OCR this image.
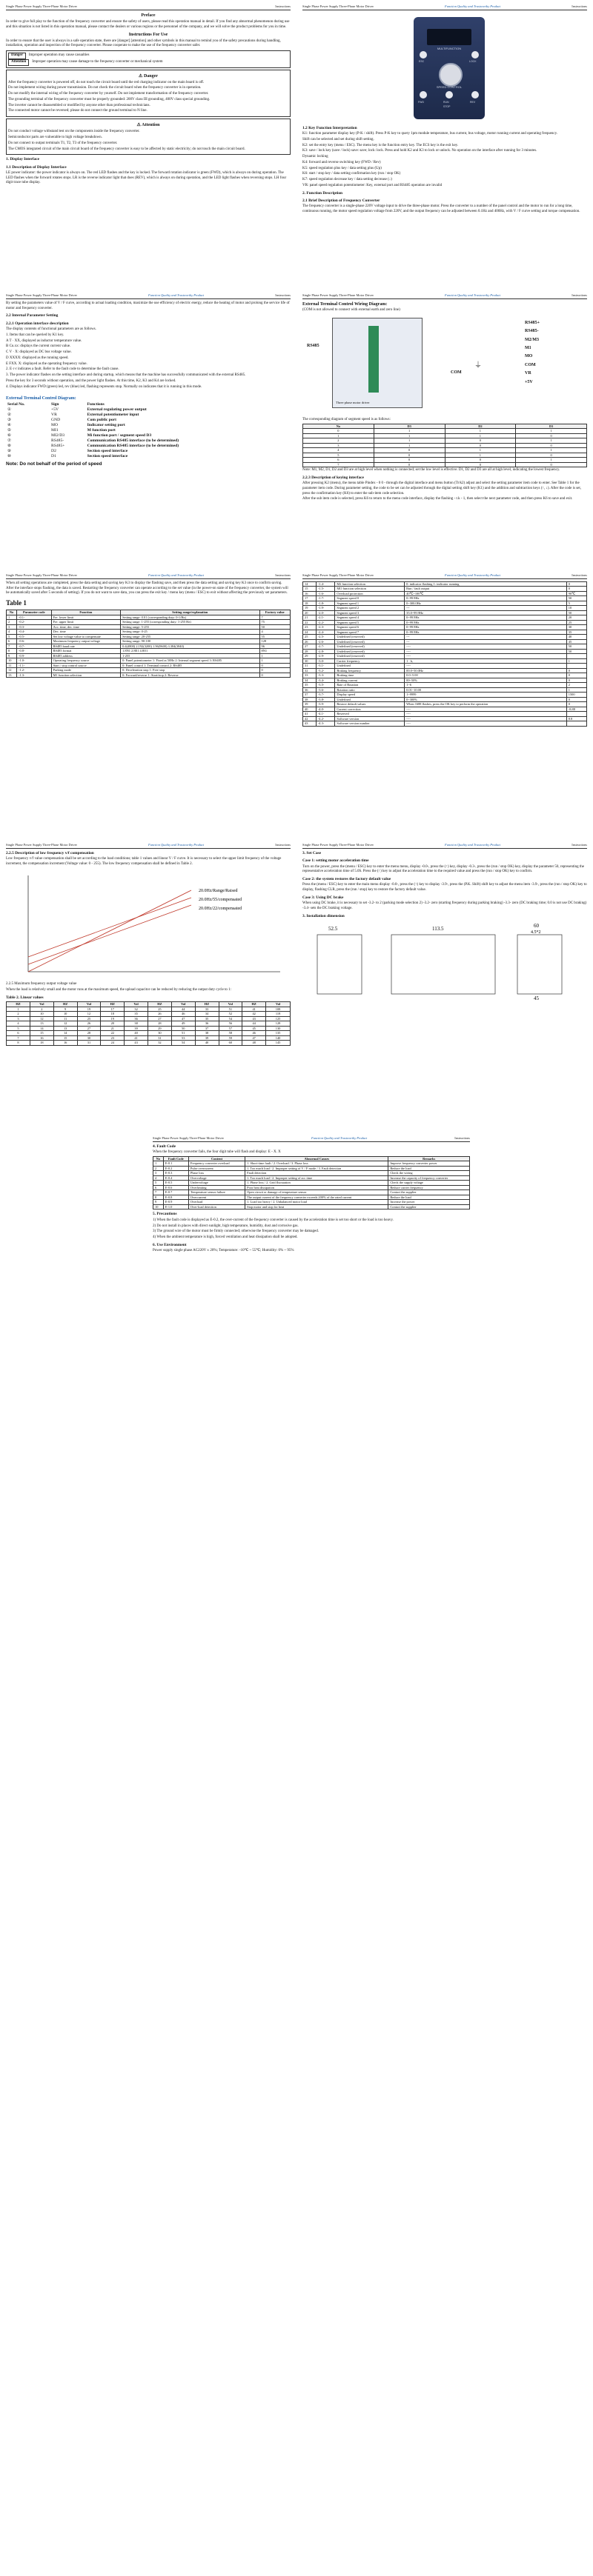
Single Phase Power Supply Three-Phase Motor Driver	Instructions
Preface

In order to give full play to the function of the frequency converter and ensure the safety of users, please read this operation manual in detail. If you find any abnormal phenomenon during use and this situation is not listed in this operation manual, please contact the dealers or various regions or the personnel of the company, and we will solve the product problems for you in time.

Instructions For Use

In order to ensure that the user is always in a safe operation state, there are [danger] [attention] and other symbols in this manual to remind you of the safety precautions during handling, installation, operation and inspection of the frequency converter. Please cooperate to make the use of the frequency converter safer.

Danger Improper operation may cause casualties
Attention Improper operation may cause damage to the frequency converter or mechanical system
⚠ Danger

After the frequency converter is powered off, do not touch the circuit board until the red charging indicator on the main board is off.

Do not implement wiring during power transmission. Do not check the circuit board when the frequency converter is in operation.

Do not modify the internal wiring of the frequency converter by yourself. Do not implement transformation of the frequency converter.

The grounding terminal of the frequency converter must be properly grounded: 200V class III grounding, 400V class special grounding.

The inverter cannot be disassembled or modified by anyone other than professional technicians.

The connected motor cannot be reversed; please do not connect the ground terminal to N line.

⚠ Attention

Do not conduct voltage withstand test on the components inside the frequency converter.

Semiconductor parts are vulnerable to high voltage breakdown.

Do not connect to output terminals T1, T2, T3 of the frequency converter.

The CMOS integrated circuit of the main circuit board of the frequency converter is easy to be affected by static electricity; do not touch the main circuit board.

1. Display Interface
1.1 Description of Display Interface

LE power indicator: the power indicator is always on. The red LED flashes and the key is locked. The forward rotation indicator is green (FWD), which is always on during operation. The LED flashes when the forward rotates stops. LR is the reverse indicator light that does (REV), which is always on during operation, and the LED light flashes when reversing stops. LH four digit trace tube display.

Single Phase Power Supply Three-Phase Motor Driver	Function Quality and Trustworthy Product	Instructions
MULTIFUNCTION
SPEED CONTROL
RUN
FWD	REV
ESC	LOCK
STOP
1.2 Key Function Interpretation

K1: function parameter display key (P-K / shift). Press P-K key to query 1pm module temperature, bus current, bus voltage, motor running current and operating frequency.

Shift can be selected and set during shift setting.

K2: set the entry key (menu / ESC). The menu key is the function entry key. The ECS key is the exit key.

K3: save / lock key (save / lock) save: save; lock: lock. Press and hold K2 and K3 to lock or unlock. No operation on the interface after running for 3 minutes.

Dynamic locking

K4: forward and reverse switching key (FWD / Rev)

K5: speed regulation plus key / data setting plus (Up)

K6: start / stop key / data setting confirmation key (run / stop OK)

K7: speed regulation decrease key / data setting decrease (↓)

VR: panel speed regulation potentiometer: Key, external port and RS485 operation are invalid

2. Function Description
2.1 Brief Description of Frequency Converter

The frequency converter is a single-phase 220V voltage input to drive the three-phase motor. Press the converter to a number of the panel control and the motor to run for a long time, continuous running, the motor speed regulation voltage from 220V, and the output frequency can be adjusted between 0.1Hz and 400Hz, with V / F curve setting and torque compensation.

Single Phase Power Supply Three-Phase Motor Driver	Function Quality and Trustworthy Product	Instructions

By setting the parameters value of V / F curve, according to actual loading condition, maximize the use efficiency of electric energy, reduce the heating of motor and prolong the service life of motor and frequency converter.

2.2 Internal Parameter Setting
2.2.1 Operation interface description

The display contents of functional parameters are as follows.

1. Items that can be queried by K1 key.

A T · XX, displayed as inductor temperature value.

B Cu.xx: displays the current current value.

C V · X: displayed as DC bus voltage value.

D XXXX: displayed as the running speed.

E FXX. X: displayed as the operating frequency value.

2. E·r·r indicates a fault. Refer to the fault code to determine the fault cause.

3. The power indicator flashes on the setting interface and during startup, which means that the machine has successfully communicated with the external RS485.

Press the key for 3 seconds without operation, and the power light flashes. At this time, K2, K3 and K4 are locked.

4. Displays indicator FWD (green) led, rev (blue) led, flashing represents stop. Normally on indicates that it is running in this mode.

External Terminal Control Diagram:
Serial No.	Sign	Functions
①	+5V	External regulating power output
②	VR	External potentiometer input
③	GND	Com public port
④	MO	Indicator setting port
⑤	MI1	M function port
⑥	MI2/D3	Mi function port / segment speed D3
⑦	RS485-	Communication RS485 interface (to be determined)
⑧	RS485+	Communication RS485 interface (to be determined)
⑨	D2	Section speed interface
⑩	D1	Section speed interface
Note: Do not behalf of the period of speed
Single Phase Power Supply Three-Phase Motor Driver	Function Quality and Trustworthy Product	Instructions
External Terminal Control Wiring Diagram:
(COM is not allowed to connect with external earth and zero line)
Three phase motor driver
RS485
COM
⏚
RS485+
RS485-
M2/M3
M1
MO
COM
VR
+5V

The corresponding diagram of segment speed is as follows:

No	D3	D2	D1
0	1	1	1
1	1	1	0
2	1	0	1
3	1	0	0
4	0	1	1
5	0	1	0
6	0	0	1
7	0	0	0

Note: M1, M2, D1, D2 and D3 are at high level when nothing is connected; set the low level is effective. D1, D2 and D3 are all at high level, indicating the lowest frequency.

2.2.3 Description of keying interface

After pressing K2 (menu), the menu table Pindex - 0 0 - through the digital interface and menu button (Tr/k2) adjust and select the setting parameter item code to enter. See Table 1 for the parameter item code. During parameter setting, the code to be set can be adjusted through the digital setting shift key (K1) and the addition and subtraction keys (↑, ↓). After the code is set, press the confirmation key (K6) to enter the sub-item code selection.

After the sub item code is selected, press K6 to return to the menu code interface, display the flashing - r.k - 1, then select the next parameter code, and then press K6 to save and exit.

Single Phase Power Supply Three-Phase Motor Driver	Function Quality and Trustworthy Product	Instructions

When all setting operations are completed, press the data setting and saving key K3 to display the flashing save, and then press the data setting and saving key K3 once to confirm saving. After the interface stops flashing, the data is saved. Restarting the frequency converter can operate according to the set value (in the power-on state of the frequency converter, the system will be automatically saved after 5 seconds of setting). If you do not want to save data, you can press the exit key / menu key (menu / ESC) to exit without affecting the previously set parameters.

Table 1
No	Parameter code	Function	Setting range/explanation	Factory value
1	-0.1-	Fre. lower limit	Setting range: 0.01 (corresponding duty: 0-1/Hz)	7
2	-0.2-	Fre. upper limit	Setting range: 1-255 (corresponding duty: 1-255 Hz)	75
3	-0.3-	Acc. time, dec. time	Setting range: 5-255	50
4	-0.4-	Dec. time	Setting range: 0-25	4
5	-0.5-	Set low voltage value to compensate	Setting range: 20-255	55
6	-0.6-	Maximum frequency output voltage	Setting range: 90-100	128
7	-0.7-	RS485 baud rate	0.4(4800) 2.192(3200) 1.96(9600) 3.384(3840)	96
8	-0.8-	RS485 format	1.8N1 2.8E1 4.8O1	8N1
9	-0.9-	RS485 address	1-255	1
10	-1.0-	Operating frequency source	0: Panel potentiometer 1: Fixed at 50Hz 2: Internal segment speed 3: RS485	1
11	-1.1-	Start / stop control source	0: Panel control 1: Terminal control 2: RS485	0
12	-1.2-	Parking mode	0: Deceleration stop 1: Free stop	0
13	-1.3-	M1 function selection	0: Forward/reverse 1: Start/stop 2: Reverse	0
Single Phase Power Supply Three-Phase Motor Driver	Function Quality and Trustworthy Product	Instructions
14	-1.4-	M2 function selection	0: indicator flashing 1: indicator running	0
15	-1.5-	MO function selection	Run / fault output	0
16	-1.6-	Overload protection	40℃~100℃	90℃
17	-1.7-	Segment speed 0	0~99.9Hz	50
18	-1.8-	Segment speed 1	0~300.0Hz	5
19	-1.9-	Segment speed 2	---	10
20	-2.0-	Segment speed 3	35.0~99.9Hz	50
21	-2.1-	Segment speed 4	0~99.9Hz	20
22	-2.2-	Segment speed 5	0~99.9Hz	25
23	-2.3-	Segment speed 6	0~99.9Hz	30
24	-2.4-	Segment speed 7	0~99.9Hz	35
25	-2.5-	Undefined (reserved)	---	40
26	-2.6-	Undefined (reserved)	---	45
27	-2.7-	Undefined (reserved)	----	50
28	-2.8-	Undefined (reserved)	----	50
29	-2.9-	Undefined (reserved)	----	
30	-3.0-	Carrier frequency	1 · k,	1
31	-3.1-	Undefined	----	
32	-3.2-	Braking frequency	00.0~50.0Hz	0
33	-3.3-	Braking time	0.0~5.00	0
34	-3.4-	Braking current	00~50%	0
35	-3.5-	Rate of Rotation	1~6	2
36	-3.6-	Rotation ratio	0.01~10.00	1
37	-3.7-	Display speed	1~9999	1500
38	-3.8-	Undefined	0~300%	0
39	-3.9-	Restore default values	When 1688 flashes, press the OK key to perform the operation	0
40	-4.0-	Current correction	----	-8.88
41	-4.1-	Reserved	----	
42	-4.2-	Software version	----	8.8
43	-4.3-	Software version number	----	
Single Phase Power Supply Three-Phase Motor Driver	Function Quality and Trustworthy Product	Instructions
2.2.5 Description of low frequency v/f compensation

Low frequency v/f value compensation shall be set according to the load conditions; table 1 values and linear V / F curve. It is necessary to select the upper limit frequency of the voltage increment, the compensation increment (Voltage value: 0 - 255). The low frequency compensation shall be defined in Table 2.

20.0Hz/Range/Raised
20.0Hz/55/compensated
20.0Hz/22/compensated

2.2.5 Maximum frequency output voltage value

When the load is relatively small and the motor runs at the maximum speed, the upload capacitor can be reduced by reducing the output duty cycle to 1:

Table 2. Linear values
HZ	Vol	HZ	Vol	HZ	Vol	HZ	Vol	HZ	Vol	HZ	Vol
1	2	9	19	17	32	25	44	33	51	41	108
2	10	10	12	18	35	26	46	34	52	42	118
3	12	11	25	19	36	27	47	35	54	43	125
4	13	12	26	20	38	28	49	36	56	44	128
5	14	13	27	21	39	29	50	37	57	45	130
6	15	14	28	22	40	30	51	38	58	46	135
7	16	15	30	23	41	31	53	39	59	47	140
8	18	16	31	24	43	32	54	40	60	48	145
Single Phase Power Supply Three-Phase Motor Driver	Function Quality and Trustworthy Product	Instructions
3. Set Case
Case 1: setting motor acceleration time

Turn on the power, press the (menu / ESC) key to enter the menu menu, display -0.0-, press the (↑) key, display -0.3-, press the (run / stop OK) key, display the parameter 50, representing the representative acceleration time of 5.0S. Press the (↑) key to adjust the acceleration time to the required value and press the (run / stop OK) key to confirm.

Case 2: the system restores the factory default value

Press the (menu / ESC) key to enter the main menu display -0.0-, press the (↑) key to display -3.9-, press the (P.K. Shift) shift key to adjust the menu item -3.9-, press the (run / stop OK) key to display, flashing CLR, press the (run / stop) key to restore the factory default value.

Case 3: Using DC brake

When using DC brake, it is necessary to set -3.2- to 2 (parking mode selection 2) -3.2- zero (starting frequency during parking braking) -3.3- zero (DC braking time; 0.0 is not use DC braking) -3.4- sets the DC braking voltage.

3. Installation dimension
52.5	113.5	60
4.5*2
45
Single Phase Power Supply Three-Phase Motor Driver	Function Quality and Trustworthy Product	Instructions
4. Fault Code

When the frequency converter fails, the four digit tube will flash and display: E - X. X

No	Fault Code	Content	Abnormal Causes	Remarks
1	E-0.1	Frequency converter overload	1. Short-time fault / 2. Overload / 3. Phase loss	Improve frequency converter power
2	E-0.2	Pulse overcurrent	1. Too much load / 2. Improper setting of V / F mode / 3. Fault detection	Reduce the load
3	E-0.3	Phase loss	Fault detection	Check the wiring
4	E-0.4	Overvoltage	1. Too much load / 2. Improper setting of acc time	Increase the capacity of frequency converter
5	E-0.5	Undervoltage	1. Phase loss / 2. Grid fluctuation	Check the supply voltage
6	E-0.6	Overheating	Poor heat dissipation	Reduce carrier frequency
7	E-0.7	Temperature sensor failure	Open circuit or damage of temperature sensor	Contact the supplier
8	E-0.8	Overcurrent	The output current of the frequency converter exceeds 200% of the rated current	Reduce the load
9	E-0.9	Overload	1. Load too heavy / 2. Unbalanced motor load	Increase the power
10	E-1.0	Over-load detection	Stop motor and stop for heat	Contact the supplier
5. Precautions

1) When the fault code is displayed as E-0.2, the over-current of the frequency converter is caused by the acceleration time is set too short or the load is too heavy.

2) Do not install in places with direct sunlight, high temperature, humidity, dust and corrosive gas.

3) The ground wire of the motor must be firmly connected; otherwise the frequency converter may be damaged.

4) When the ambient temperature is high, forced ventilation and heat dissipation shall be adopted.

6. Use Environment

Power supply single phase AC220V ± 20%; Temperature: -10℃ ~ 55℃; Humidity: 0% ~ 95%
